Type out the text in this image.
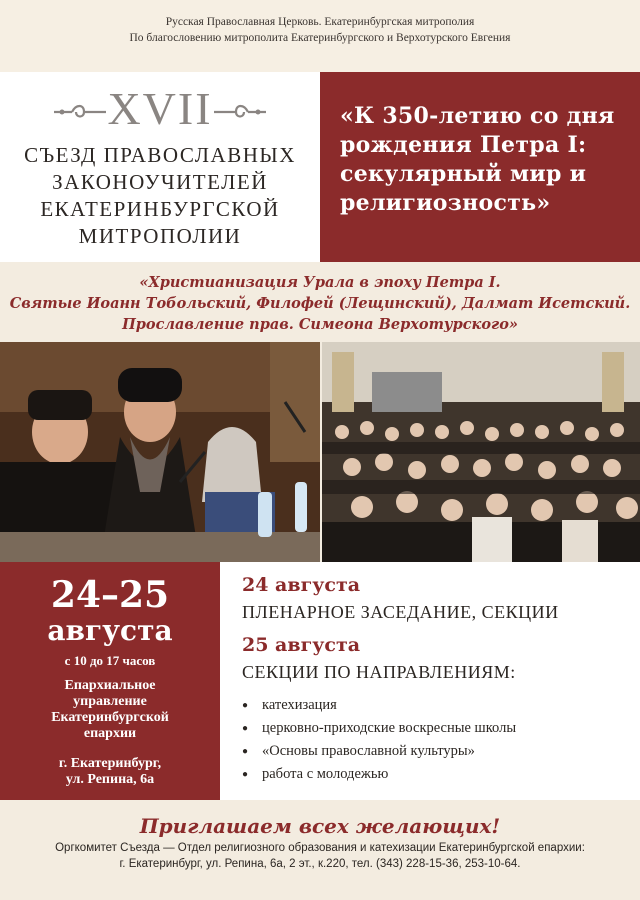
Русская Православная Церковь. Екатеринбургская митрополия
По благословению митрополита Екатеринбургского и Верхотурского Евгения
XVII
СЪЕЗД ПРАВОСЛАВНЫХ
ЗАКОНОУЧИТЕЛЕЙ
ЕКАТЕРИНБУРГСКОЙ
МИТРОПОЛИИ
«К 350-летию со дня
рождения Петра I:
секулярный мир и
религиозность»
«Христианизация Урала в эпоху Петра I.
Святые Иоанн Тобольский, Филофей (Лещинский), Далмат Исетский.
Прославление прав. Симеона Верхотурского»
24–25
августа
с 10 до 17 часов
Епархиальное
управление
Екатеринбургской
епархии
г. Екатеринбург,
ул. Репина, 6а
24 августа
ПЛЕНАРНОЕ ЗАСЕДАНИЕ, СЕКЦИИ
25 августа
СЕКЦИИ ПО НАПРАВЛЕНИЯМ:
● катехизация
● церковно-приходские воскресные школы
● «Основы православной культуры»
● работа с молодежью
Приглашаем всех желающих!
Оргкомитет Съезда — Отдел религиозного образования и катехизации Екатеринбургской епархии:
г. Екатеринбург, ул. Репина, 6а, 2 эт., к.220, тел. (343) 228-15-36, 253-10-64.
